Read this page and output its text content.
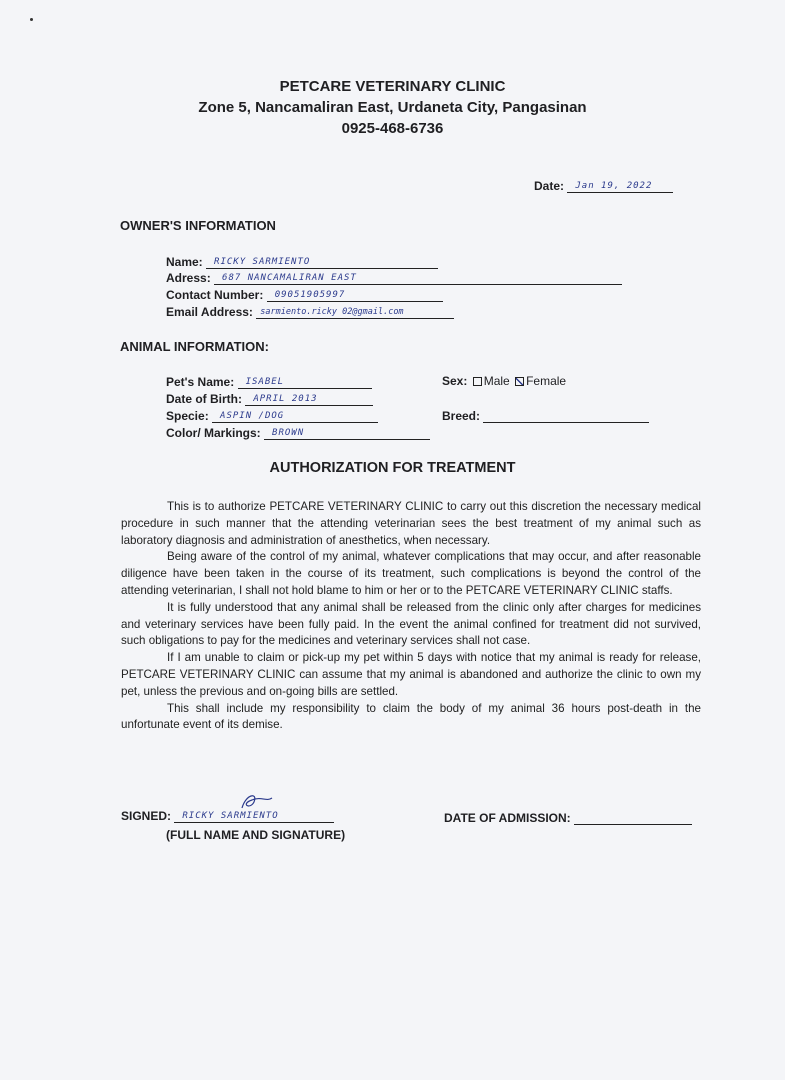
PETCARE VETERINARY CLINIC
Zone 5, Nancamaliran East, Urdaneta City, Pangasinan
0925-468-6736
Date: Jan 19, 2022
OWNER'S INFORMATION
Name: RICKY SARMIENTO
Adress: 687 NANCAMALIRAN EAST
Contact Number: 09051905997
Email Address: sarmiento.ricky 02@gmail.com
ANIMAL INFORMATION:
Pet's Name: ISABEL
Date of Birth: APRIL 2013
Specie: ASPIN /DOG
Color/ Markings: BROWN
Sex: Male Female
Breed:
AUTHORIZATION FOR TREATMENT

This is to authorize PETCARE VETERINARY CLINIC to carry out this discretion the necessary medical procedure in such manner that the attending veterinarian sees the best treatment of my animal such as laboratory diagnosis and administration of anesthetics, when necessary.

Being aware of the control of my animal, whatever complications that may occur, and after reasonable diligence have been taken in the course of its treatment, such complications is beyond the control of the attending veterinarian, I shall not hold blame to him or her or to the PETCARE VETERINARY CLINIC staffs.

It is fully understood that any animal shall be released from the clinic only after charges for medicines and veterinary services have been fully paid. In the event the animal confined for treatment did not survived, such obligations to pay for the medicines and veterinary services shall not case.

If I am unable to claim or pick-up my pet within 5 days with notice that my animal is ready for release, PETCARE VETERINARY CLINIC can assume that my animal is abandoned and authorize the clinic to own my pet, unless the previous and on-going bills are settled.

This shall include my responsibility to claim the body of my animal 36 hours post-death in the unfortunate event of its demise.

SIGNED: RICKY SARMIENTO
(FULL NAME AND SIGNATURE)
DATE OF ADMISSION:
